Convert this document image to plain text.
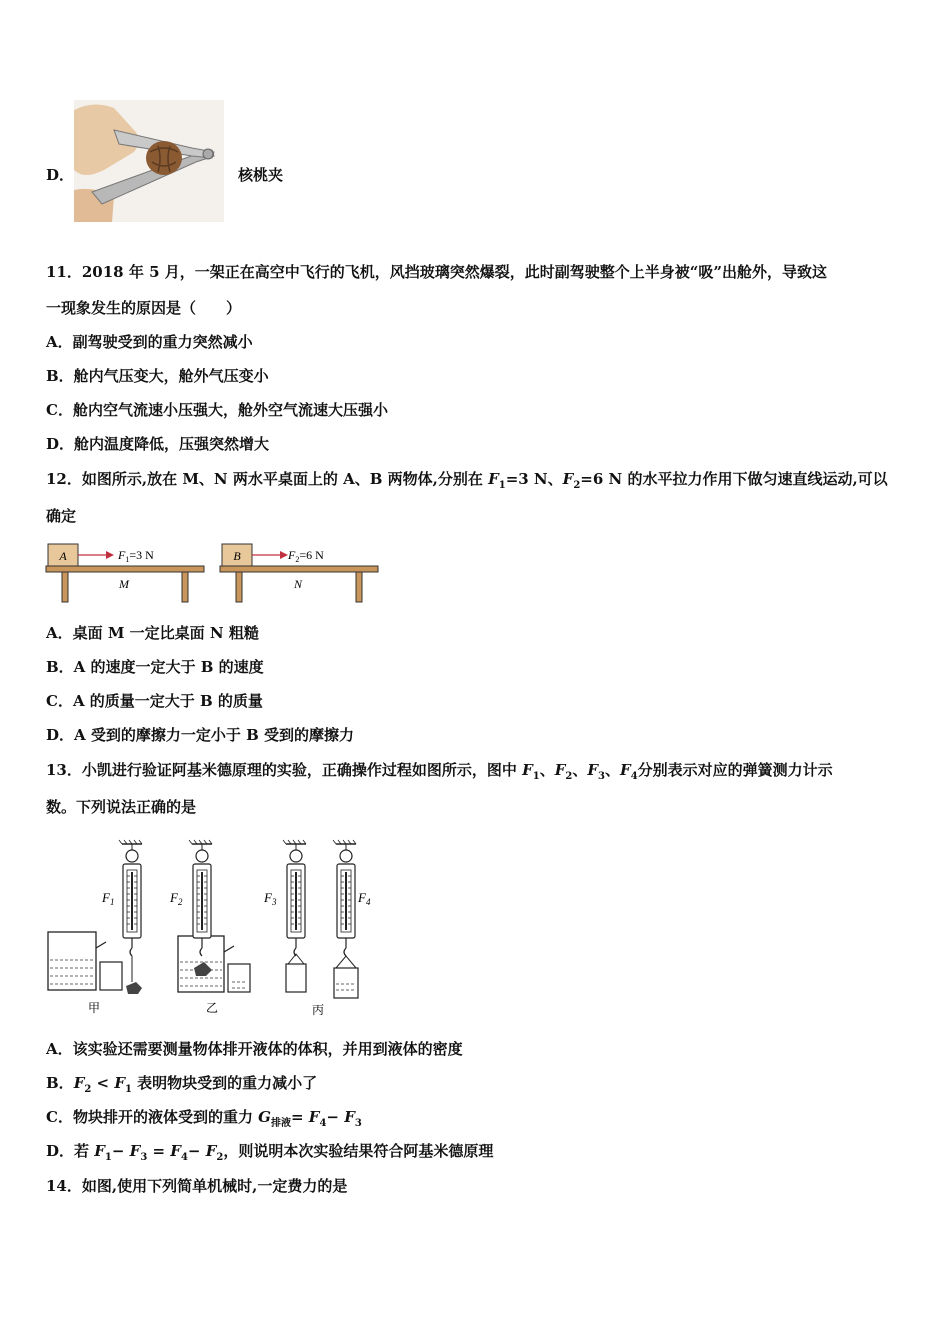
D．	核桃夹
11．2018 年 5 月，一架正在高空中飞行的飞机，风挡玻璃突然爆裂，此时副驾驶整个上半身被“吸”出舱外，导致这
一现象发生的原因是（　　）
A．副驾驶受到的重力突然减小
B．舱内气压变大，舱外气压变小
C．舱内空气流速小压强大，舱外空气流速大压强小
D．舱内温度降低，压强突然增大
12．如图所示,放在 M、N 两水平桌面上的 A、B 两物体,分别在 $F_1=3$ N、$F_2=6$ N 的水平拉力作用下做匀速直线运动,可以
确定
A	$F_1=3$ N
M
B	$F_2=6$ N
N
A．桌面 M 一定比桌面 N 粗糙
B．A 的速度一定大于 B 的速度
C．A 的质量一定大于 B 的质量
D．A 受到的摩擦力一定小于 B 受到的摩擦力
13．小凯进行验证阿基米德原理的实验，正确操作过程如图所示，图中 $F_1$、$F_2$、$F_3$、$F_4$分别表示对应的弹簧测力计示
数。下列说法正确的是
$F_1$
甲
$F_2$
乙
$F_3$	$F_4$
丙
A．该实验还需要测量物体排开液体的体积，并用到液体的密度
B．$F_2 < F_1$ 表明物块受到的重力减小了
C．物块排开的液体受到的重力 $G_{排液}= F_4- F_3$
D．若 $F_1- F_3 = F_4- F_2$，则说明本次实验结果符合阿基米德原理
14．如图,使用下列简单机械时,一定费力的是
